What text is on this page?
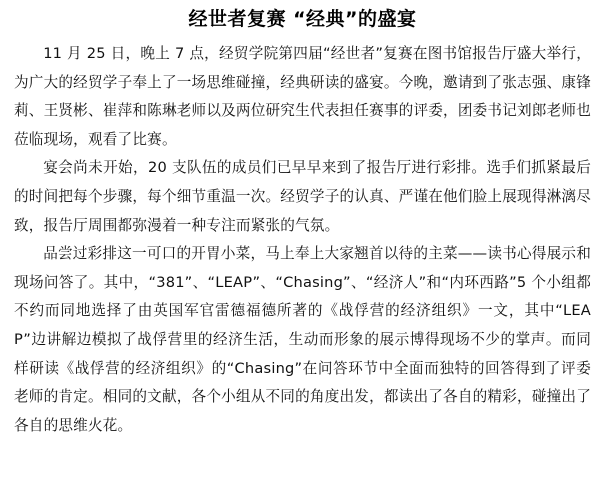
经世者复赛 “经典”的盛宴

11 月 25 日，晚上 7 点，经贸学院第四届“经世者”复赛在图书馆报告厅盛大举行，为广大的经贸学子奉上了一场思维碰撞，经典研读的盛宴。今晚，邀请到了张志强、康锋莉、王贤彬、崔萍和陈琳老师以及两位研究生代表担任赛事的评委，团委书记刘郎老师也莅临现场，观看了比赛。

宴会尚未开始，20 支队伍的成员们已早早来到了报告厅进行彩排。选手们抓紧最后的时间把每个步骤，每个细节重温一次。经贸学子的认真、严谨在他们脸上展现得淋漓尽致，报告厅周围都弥漫着一种专注而紧张的气氛。

品尝过彩排这一可口的开胃小菜，马上奉上大家翘首以待的主菜——读书心得展示和现场问答了。其中，“381”、“LEAP”、“Chasing”、“经济人”和“内环西路”5 个小组都不约而同地选择了由英国军官雷德福德所著的《战俘营的经济组织》一文，其中“LEAP”边讲解边模拟了战俘营里的经济生活，生动而形象的展示博得现场不少的掌声。而同样研读《战俘营的经济组织》的“Chasing”在问答环节中全面而独特的回答得到了评委老师的肯定。相同的文献，各个小组从不同的角度出发，都读出了各自的精彩，碰撞出了各自的思维火花。
